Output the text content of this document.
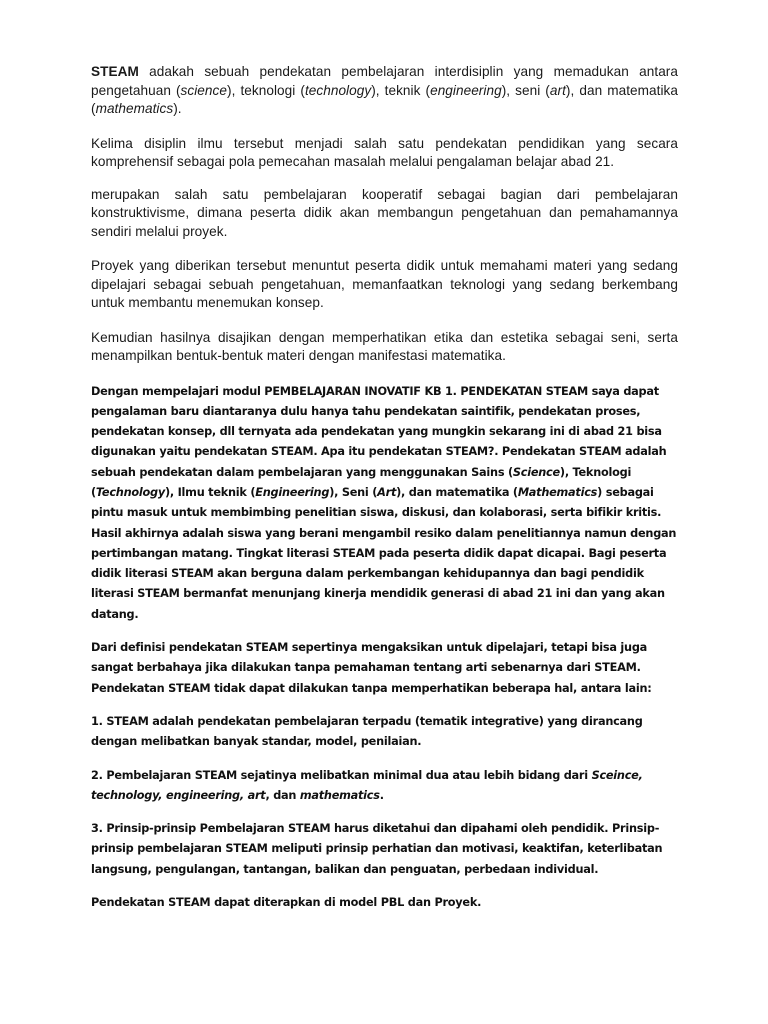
STEAM adakah sebuah pendekatan pembelajaran interdisiplin yang memadukan antara pengetahuan (science), teknologi (technology), teknik (engineering), seni (art), dan matematika (mathematics).

Kelima disiplin ilmu tersebut menjadi salah satu pendekatan pendidikan yang secara komprehensif sebagai pola pemecahan masalah melalui pengalaman belajar abad 21.

merupakan salah satu pembelajaran kooperatif sebagai bagian dari pembelajaran konstruktivisme, dimana peserta didik akan membangun pengetahuan dan pemahamannya sendiri melalui proyek.

Proyek yang diberikan tersebut menuntut peserta didik untuk memahami materi yang sedang dipelajari sebagai sebuah pengetahuan, memanfaatkan teknologi yang sedang berkembang untuk membantu menemukan konsep.

Kemudian hasilnya disajikan dengan memperhatikan etika dan estetika sebagai seni, serta menampilkan bentuk-bentuk materi dengan manifestasi matematika.

Dengan mempelajari modul PEMBELAJARAN INOVATIF KB 1. PENDEKATAN STEAM saya dapat pengalaman baru diantaranya dulu hanya tahu pendekatan saintifik, pendekatan proses, pendekatan konsep, dll ternyata ada pendekatan yang mungkin sekarang ini di abad 21 bisa digunakan yaitu pendekatan STEAM. Apa itu pendekatan STEAM?. Pendekatan STEAM adalah sebuah pendekatan dalam pembelajaran yang menggunakan Sains (Science), Teknologi (Technology), Ilmu teknik (Engineering), Seni (Art), dan matematika (Mathematics) sebagai pintu masuk untuk membimbing penelitian siswa, diskusi, dan kolaborasi, serta bifikir kritis. Hasil akhirnya adalah siswa yang berani mengambil resiko dalam penelitiannya namun dengan pertimbangan matang. Tingkat literasi STEAM pada peserta didik dapat dicapai. Bagi peserta didik literasi STEAM akan berguna dalam perkembangan kehidupannya dan bagi pendidik literasi STEAM bermanfat menunjang kinerja mendidik generasi di abad 21 ini dan yang akan datang.

Dari definisi pendekatan STEAM sepertinya mengaksikan untuk dipelajari, tetapi bisa juga sangat berbahaya jika dilakukan tanpa pemahaman tentang arti sebenarnya dari STEAM. Pendekatan STEAM tidak dapat dilakukan tanpa memperhatikan beberapa hal, antara lain:

1. STEAM adalah pendekatan pembelajaran terpadu (tematik integrative) yang dirancang dengan melibatkan banyak standar, model, penilaian.

2. Pembelajaran STEAM sejatinya melibatkan minimal dua atau lebih bidang dari Sceince, technology, engineering, art, dan mathematics.

3. Prinsip-prinsip Pembelajaran STEAM harus diketahui dan dipahami oleh pendidik. Prinsip-prinsip pembelajaran STEAM meliputi prinsip perhatian dan motivasi, keaktifan, keterlibatan langsung, pengulangan, tantangan, balikan dan penguatan, perbedaan individual.

Pendekatan STEAM dapat diterapkan di model PBL dan Proyek.
